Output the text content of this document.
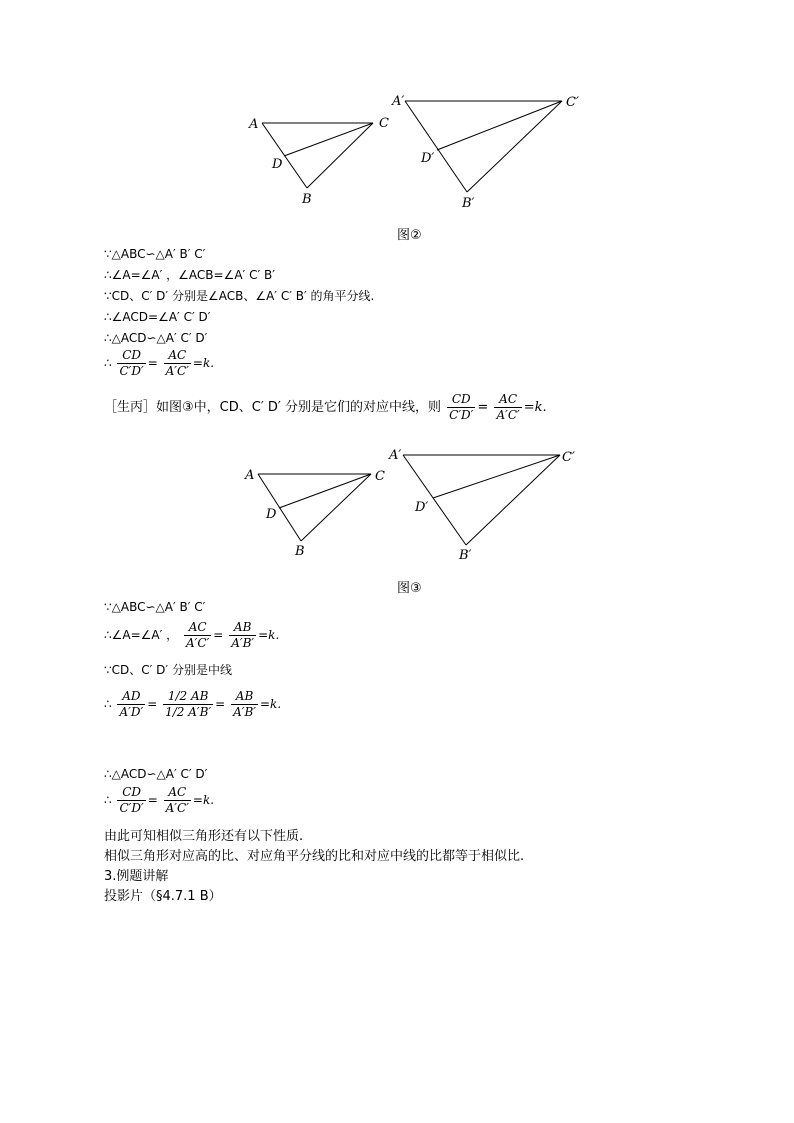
A	C
D
B
A′	C′
D′
B′
A	C
D
B
A′	C′
D′
B′
图②
图③
∵△ABC∽△A′ B′ C′
∴∠A=∠A′ ，∠ACB=∠A′ C′ B′
∵CD、C′ D′ 分别是∠ACB、∠A′ C′ B′ 的角平分线.
∴∠ACD=∠A′ C′ D′
∴△ACD∽△A′ C′ D′
∴ $\frac{CD}{C'D'} = \frac{AC}{A'C'} =k$.
［生丙］如图③中，CD、C′ D′ 分别是它们的对应中线，则 $\frac{CD}{C'D'} = \frac{AC}{A'C'} =k$.
∵△ABC∽△A′ B′ C′
∴∠A=∠A′ ， $\frac{AC}{A'C'} = \frac{AB}{A'B'} =k$.
∵CD、C′ D′ 分别是中线
∴ $\frac{AD}{A'D'} = \frac{1/2 AB}{1/2 A'B'} = \frac{AB}{A'B'} =k$.
∴△ACD∽△A′ C′ D′
∴ $\frac{CD}{C'D'} = \frac{AC}{A'C'} =k$.
由此可知相似三角形还有以下性质.
相似三角形对应高的比、对应角平分线的比和对应中线的比都等于相似比.
3.例题讲解
投影片（§4.7.1 B）
